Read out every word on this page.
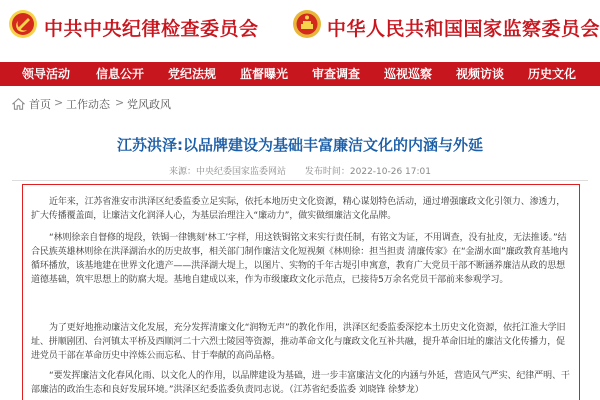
中共中央纪律检查委员会	中华人民共和国国家监察委员会
领导活动 信息公开 党纪法规 监督曝光 审查调查 巡视巡察 视频访谈 历史文化
首页 > 工作动态 > 党风政风
江苏洪泽:以品牌建设为基础丰富廉洁文化的内涵与外延
来源：中央纪委国家监委网站 发布时间：2022-10-26 17:01

近年来，江苏省淮安市洪泽区纪委监委立足实际，依托本地历史文化资源，精心谋划特色活动，通过增强廉政文化引领力、渗透力，扩大传播覆盖面，让廉洁文化润泽人心，为基层治理注入“廉动力”，做实做细廉洁文化品牌。

“林则徐亲自督修的堤段，铁锔一律镌刻‘林工’字样，用这铁锔铭文来实行责任制，有铭文为证，不用调查，没有扯皮，无法推诿。”结合民族英雄林则徐在洪泽湖治水的历史故事，相关部门制作廉洁文化短视频《林则徐：担当担责 清廉传家》在“金湖水面”廉政教育基地内循环播放，该基地建在世界文化遗产——洪泽湖大堤上，以图片、实物的千年古堤引申寓意，教育广大党员干部不断涵养廉洁从政的思想道德基础，筑牢思想上的防腐大堤。基地自建成以来，作为市级廉政文化示范点，已接待5万余名党员干部前来参观学习。

为了更好地推动廉洁文化发展，充分发挥清廉文化“润物无声”的教化作用，洪泽区纪委监委深挖本土历史文化资源，依托江淮大学旧址、拼顺剧团、台河镇太平桥及西顺河二十六烈士陵园等资源，推动革命文化与廉政文化互补共融，提升革命旧址的廉洁文化传播力，促进党员干部在革命历史中淬炼公而忘私、甘于奉献的高尚品格。

“要发挥廉洁文化春风化雨、以文化人的作用，以品牌建设为基础，进一步丰富廉洁文化的内涵与外延，营造风气严实、纪律严明、干部廉洁的政治生态和良好发展环境。”洪泽区纪委监委负责同志说。（江苏省纪委监委 刘晓锋 徐梦龙）
